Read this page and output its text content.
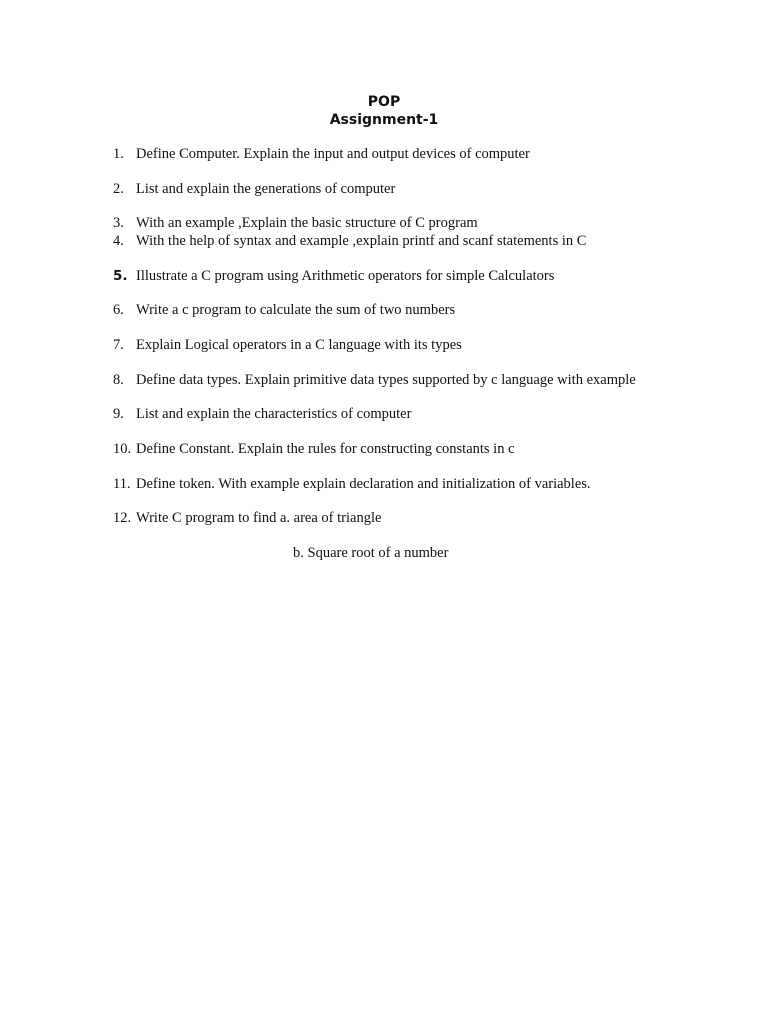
POP
Assignment-1
1. Define Computer. Explain the input and output devices of computer
2. List and explain the generations of computer
3. With an example ,Explain the basic structure of C program
4. With the help of syntax and example ,explain printf and scanf statements in C
5. Illustrate a C program using Arithmetic operators for simple Calculators
6. Write a c program to calculate the sum of two numbers
7. Explain Logical operators in a C language with its types
8. Define data types. Explain primitive data types supported by c language with example
9. List and explain the characteristics of computer
10. Define Constant. Explain the rules for constructing constants in c
11. Define token. With example explain declaration and initialization of variables.
12. Write C program to find a. area of triangle
b. Square root of a number
